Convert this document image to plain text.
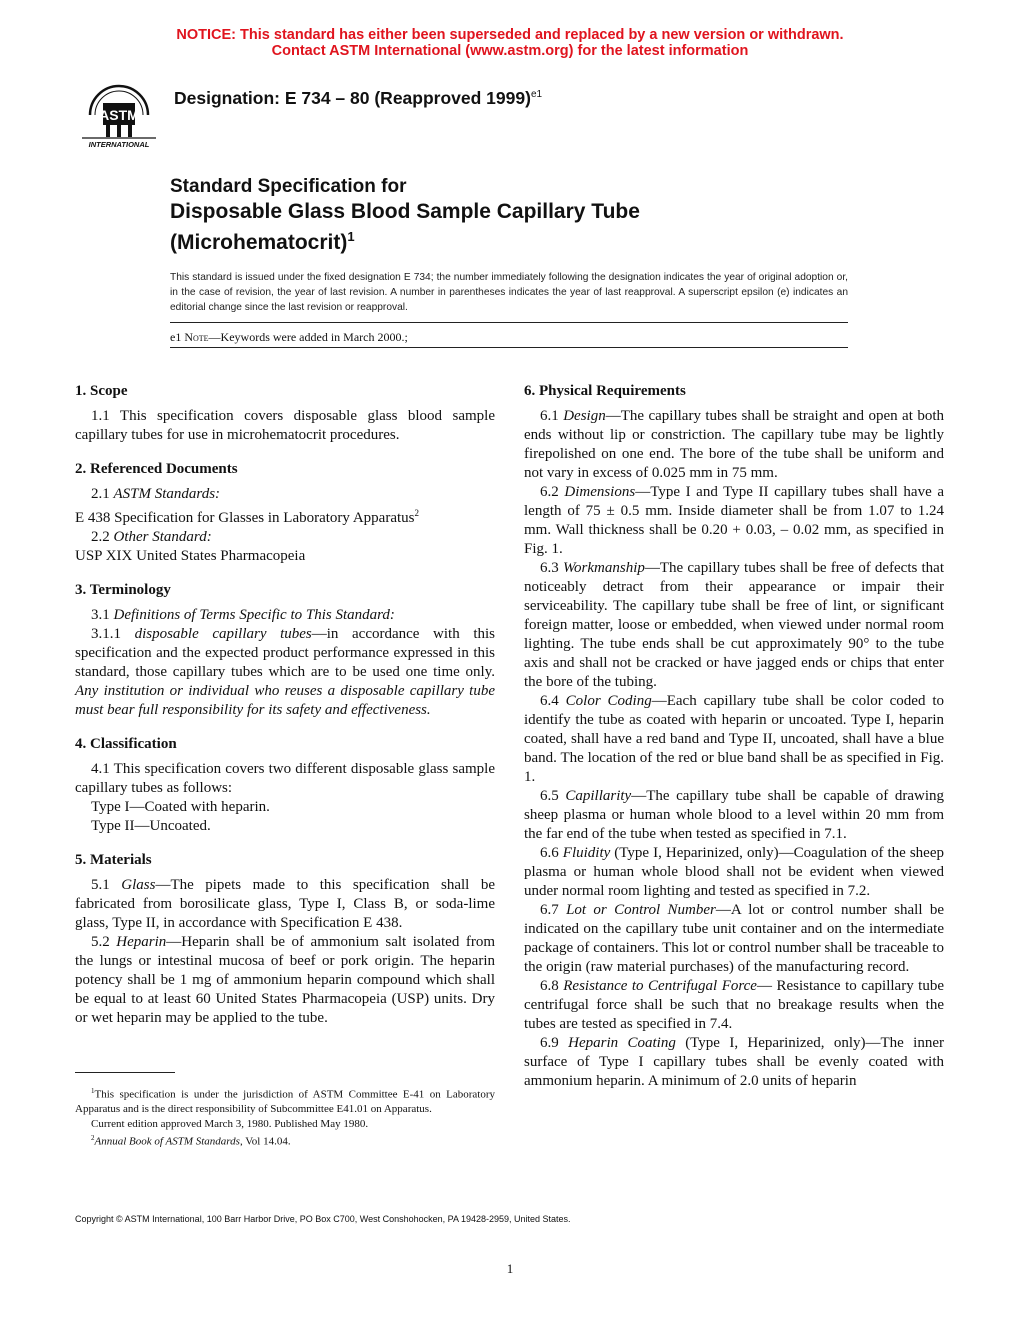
NOTICE: This standard has either been superseded and replaced by a new version or withdrawn.
Contact ASTM International (www.astm.org) for the latest information
ASTM
INTERNATIONAL
Designation: E 734 – 80 (Reapproved 1999)$^{e1}$
Standard Specification for
Disposable Glass Blood Sample Capillary Tube
(Microhematocrit)$^1$
This standard is issued under the fixed designation E 734; the number immediately following the designation indicates the year of original adoption or, in the case of revision, the year of last revision. A number in parentheses indicates the year of last reapproval. A superscript epsilon (e) indicates an editorial change since the last revision or reapproval.
e1 Note—Keywords were added in March 2000.;
1. Scope

1.1 This specification covers disposable glass blood sample capillary tubes for use in microhematocrit procedures.

2. Referenced Documents

2.1 ASTM Standards:

E 438 Specification for Glasses in Laboratory Apparatus$^2$

2.2 Other Standard:

USP XIX United States Pharmacopeia

3. Terminology

3.1 Definitions of Terms Specific to This Standard:

3.1.1 disposable capillary tubes—in accordance with this specification and the expected product performance expressed in this standard, those capillary tubes which are to be used one time only. Any institution or individual who reuses a disposable capillary tube must bear full responsibility for its safety and effectiveness.

4. Classification

4.1 This specification covers two different disposable glass sample capillary tubes as follows:

Type I—Coated with heparin.

Type II—Uncoated.

5. Materials

5.1 Glass—The pipets made to this specification shall be fabricated from borosilicate glass, Type I, Class B, or soda-lime glass, Type II, in accordance with Specification E 438.

5.2 Heparin—Heparin shall be of ammonium salt isolated from the lungs or intestinal mucosa of beef or pork origin. The heparin potency shall be 1 mg of ammonium heparin compound which shall be equal to at least 60 United States Pharmacopeia (USP) units. Dry or wet heparin may be applied to the tube.

6. Physical Requirements

6.1 Design—The capillary tubes shall be straight and open at both ends without lip or constriction. The capillary tube may be lightly firepolished on one end. The bore of the tube shall be uniform and not vary in excess of 0.025 mm in 75 mm.

6.2 Dimensions—Type I and Type II capillary tubes shall have a length of 75 ± 0.5 mm. Inside diameter shall be from 1.07 to 1.24 mm. Wall thickness shall be 0.20 + 0.03, – 0.02 mm, as specified in Fig. 1.

6.3 Workmanship—The capillary tubes shall be free of defects that noticeably detract from their appearance or impair their serviceability. The capillary tube shall be free of lint, or significant foreign matter, loose or embedded, when viewed under normal room lighting. The tube ends shall be cut approximately 90° to the tube axis and shall not be cracked or have jagged ends or chips that enter the bore of the tubing.

6.4 Color Coding—Each capillary tube shall be color coded to identify the tube as coated with heparin or uncoated. Type I, heparin coated, shall have a red band and Type II, uncoated, shall have a blue band. The location of the red or blue band shall be as specified in Fig. 1.

6.5 Capillarity—The capillary tube shall be capable of drawing sheep plasma or human whole blood to a level within 20 mm from the far end of the tube when tested as specified in 7.1.

6.6 Fluidity (Type I, Heparinized, only)—Coagulation of the sheep plasma or human whole blood shall not be evident when viewed under normal room lighting and tested as specified in 7.2.

6.7 Lot or Control Number—A lot or control number shall be indicated on the capillary tube unit container and on the intermediate package of containers. This lot or control number shall be traceable to the origin (raw material purchases) of the manufacturing record.

6.8 Resistance to Centrifugal Force— Resistance to capillary tube centrifugal force shall be such that no breakage results when the tubes are tested as specified in 7.4.

6.9 Heparin Coating (Type I, Heparinized, only)—The inner surface of Type I capillary tubes shall be evenly coated with ammonium heparin. A minimum of 2.0 units of heparin

$^1$This specification is under the jurisdiction of ASTM Committee E-41 on Laboratory Apparatus and is the direct responsibility of Subcommittee E41.01 on Apparatus.

Current edition approved March 3, 1980. Published May 1980.

$^2$Annual Book of ASTM Standards, Vol 14.04.

Copyright © ASTM International, 100 Barr Harbor Drive, PO Box C700, West Conshohocken, PA 19428-2959, United States.
1
